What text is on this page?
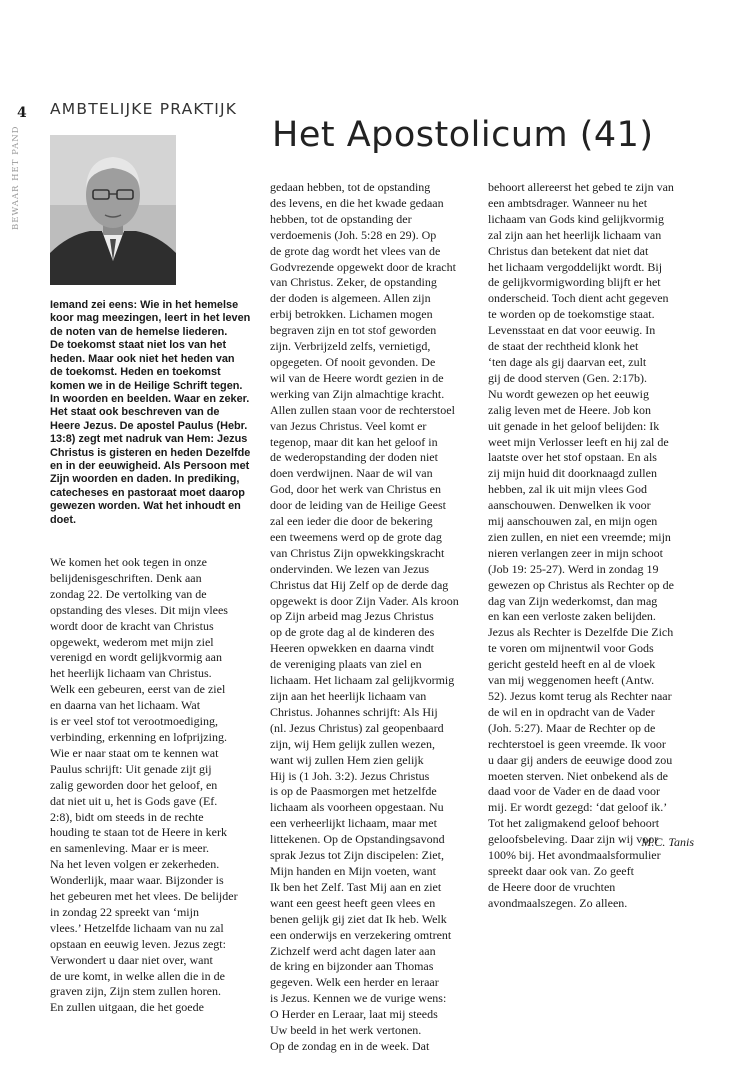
4
BEWAAR HET PAND
AMBTELIJKE PRAKTIJK
Het Apostolicum (41)
Iemand zei eens: Wie in het hemelse
koor mag meezingen, leert in het leven
de noten van de hemelse liederen.
De toekomst staat niet los van het
heden. Maar ook niet het heden van
de toekomst. Heden en toekomst
komen we in de Heilige Schrift tegen.
In woorden en beelden. Waar en zeker.
Het staat ook beschreven van de
Heere Jezus. De apostel Paulus (Hebr.
13:8) zegt met nadruk van Hem: Jezus
Christus is gisteren en heden Dezelfde
en in der eeuwigheid. Als Persoon met
Zijn woorden en daden. In prediking,
catecheses en pastoraat moet daarop
gewezen worden. Wat het inhoudt en
doet.
We komen het ook tegen in onze
belijdenisgeschriften. Denk aan
zondag 22. De vertolking van de
opstanding des vleses. Dit mijn vlees
wordt door de kracht van Christus
opgewekt, wederom met mijn ziel
verenigd en wordt gelijkvormig aan
het heerlijk lichaam van Christus.
Welk een gebeuren, eerst van de ziel
en daarna van het lichaam. Wat
is er veel stof tot verootmoediging,
verbinding, erkenning en lofprijzing.
Wie er naar staat om te kennen wat
Paulus schrijft: Uit genade zijt gij
zalig geworden door het geloof, en
dat niet uit u, het is Gods gave (Ef.
2:8), bidt om steeds in de rechte
houding te staan tot de Heere in kerk
en samenleving. Maar er is meer.
Na het leven volgen er zekerheden.
Wonderlijk, maar waar. Bijzonder is
het gebeuren met het vlees. De belijder
in zondag 22 spreekt van ‘mijn
vlees.’ Hetzelfde lichaam van nu zal
opstaan en eeuwig leven. Jezus zegt:
Verwondert u daar niet over, want
de ure komt, in welke allen die in de
graven zijn, Zijn stem zullen horen.
En zullen uitgaan, die het goede
gedaan hebben, tot de opstanding
des levens, en die het kwade gedaan
hebben, tot de opstanding der
verdoemenis (Joh. 5:28 en 29). Op
de grote dag wordt het vlees van de
Godvrezende opgewekt door de kracht
van Christus. Zeker, de opstanding
der doden is algemeen. Allen zijn
erbij betrokken. Lichamen mogen
begraven zijn en tot stof geworden
zijn. Verbrijzeld zelfs, vernietigd,
opgegeten. Of nooit gevonden. De
wil van de Heere wordt gezien in de
werking van Zijn almachtige kracht.
Allen zullen staan voor de rechterstoel
van Jezus Christus. Veel komt er
tegenop, maar dit kan het geloof in
de wederopstanding der doden niet
doen verdwijnen. Naar de wil van
God, door het werk van Christus en
door de leiding van de Heilige Geest
zal een ieder die door de bekering
een tweemens werd op de grote dag
van Christus Zijn opwekkingskracht
ondervinden. We lezen van Jezus
Christus dat Hij Zelf op de derde dag
opgewekt is door Zijn Vader. Als kroon
op Zijn arbeid mag Jezus Christus
op de grote dag al de kinderen des
Heeren opwekken en daarna vindt
de vereniging plaats van ziel en
lichaam. Het lichaam zal gelijkvormig
zijn aan het heerlijk lichaam van
Christus. Johannes schrijft: Als Hij
(nl. Jezus Christus) zal geopenbaard
zijn, wij Hem gelijk zullen wezen,
want wij zullen Hem zien gelijk
Hij is (1 Joh. 3:2). Jezus Christus
is op de Paasmorgen met hetzelfde
lichaam als voorheen opgestaan. Nu
een verheerlijkt lichaam, maar met
littekenen. Op de Opstandingsavond
sprak Jezus tot Zijn discipelen: Ziet,
Mijn handen en Mijn voeten, want
Ik ben het Zelf. Tast Mij aan en ziet
want een geest heeft geen vlees en
benen gelijk gij ziet dat Ik heb. Welk
een onderwijs en verzekering omtrent
Zichzelf werd acht dagen later aan
de kring en bijzonder aan Thomas
gegeven. Welk een herder en leraar
is Jezus. Kennen we de vurige wens:
O Herder en Leraar, laat mij steeds
Uw beeld in het werk vertonen.
Op de zondag en in de week. Dat
behoort allereerst het gebed te zijn van
een ambtsdrager. Wanneer nu het
lichaam van Gods kind gelijkvormig
zal zijn aan het heerlijk lichaam van
Christus dan betekent dat niet dat
het lichaam vergoddelijkt wordt. Bij
de gelijkvormigwording blijft er het
onderscheid. Toch dient acht gegeven
te worden op de toekomstige staat.
Levensstaat en dat voor eeuwig. In
de staat der rechtheid klonk het
‘ten dage als gij daarvan eet, zult
gij de dood sterven (Gen. 2:17b).
Nu wordt gewezen op het eeuwig
zalig leven met de Heere. Job kon
uit genade in het geloof belijden: Ik
weet mijn Verlosser leeft en hij zal de
laatste over het stof opstaan. En als
zij mijn huid dit doorknaagd zullen
hebben, zal ik uit mijn vlees God
aanschouwen. Denwelken ik voor
mij aanschouwen zal, en mijn ogen
zien zullen, en niet een vreemde; mijn
nieren verlangen zeer in mijn schoot
(Job 19: 25-27). Werd in zondag 19
gewezen op Christus als Rechter op de
dag van Zijn wederkomst, dan mag
en kan een verloste zaken belijden.
Jezus als Rechter is Dezelfde Die Zich
te voren om mijnentwil voor Gods
gericht gesteld heeft en al de vloek
van mij weggenomen heeft (Antw.
52). Jezus komt terug als Rechter naar
de wil en in opdracht van de Vader
(Joh. 5:27). Maar de Rechter op de
rechterstoel is geen vreemde. Ik voor
u daar gij anders de eeuwige dood zou
moeten sterven. Niet onbekend als de
daad voor de Vader en de daad voor
mij. Er wordt gezegd: ‘dat geloof ik.’
Tot het zaligmakend geloof behoort
geloofsbeleving. Daar zijn wij voor
100% bij. Het avondmaalsformulier
spreekt daar ook van. Zo geeft
de Heere door de vruchten
avondmaalszegen. Zo alleen.
M.C. Tanis
